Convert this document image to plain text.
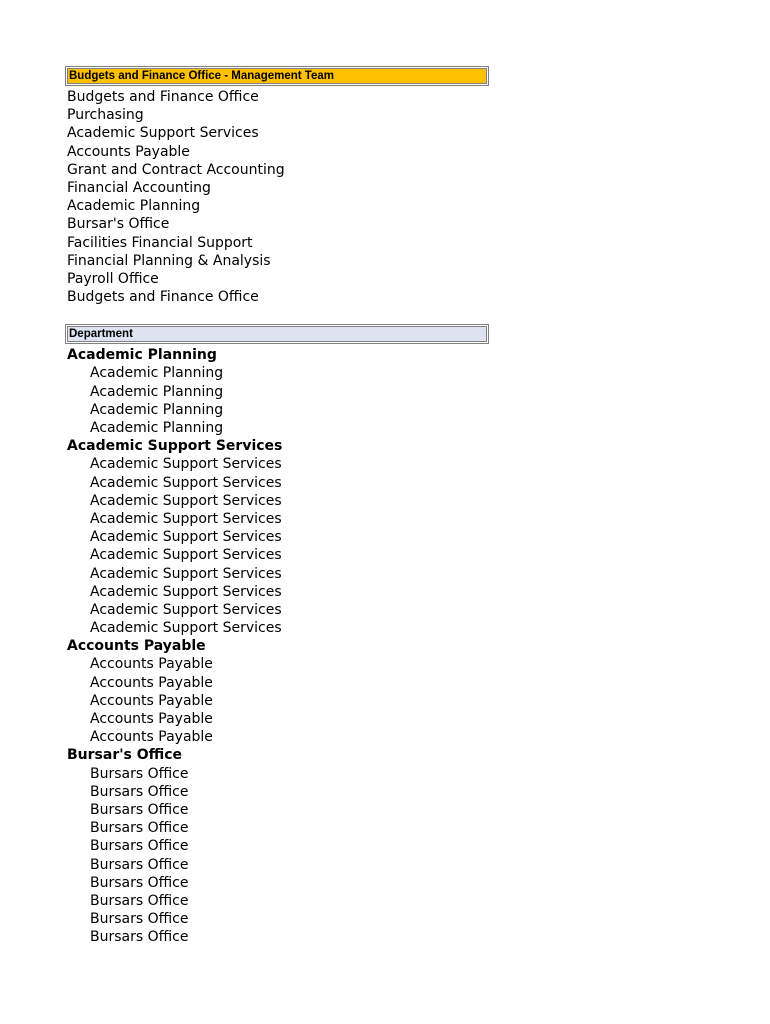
Budgets and Finance Office - Management Team
Budgets and Finance Office
Purchasing
Academic Support Services
Accounts Payable
Grant and Contract Accounting
Financial Accounting
Academic Planning
Bursar's Office
Facilities Financial Support
Financial Planning & Analysis
Payroll Office
Budgets and Finance Office
Department
Academic Planning
Academic Planning
Academic Planning
Academic Planning
Academic Planning
Academic Support Services
Academic Support Services
Academic Support Services
Academic Support Services
Academic Support Services
Academic Support Services
Academic Support Services
Academic Support Services
Academic Support Services
Academic Support Services
Academic Support Services
Accounts Payable
Accounts Payable
Accounts Payable
Accounts Payable
Accounts Payable
Accounts Payable
Bursar's Office
Bursars Office
Bursars Office
Bursars Office
Bursars Office
Bursars Office
Bursars Office
Bursars Office
Bursars Office
Bursars Office
Bursars Office
